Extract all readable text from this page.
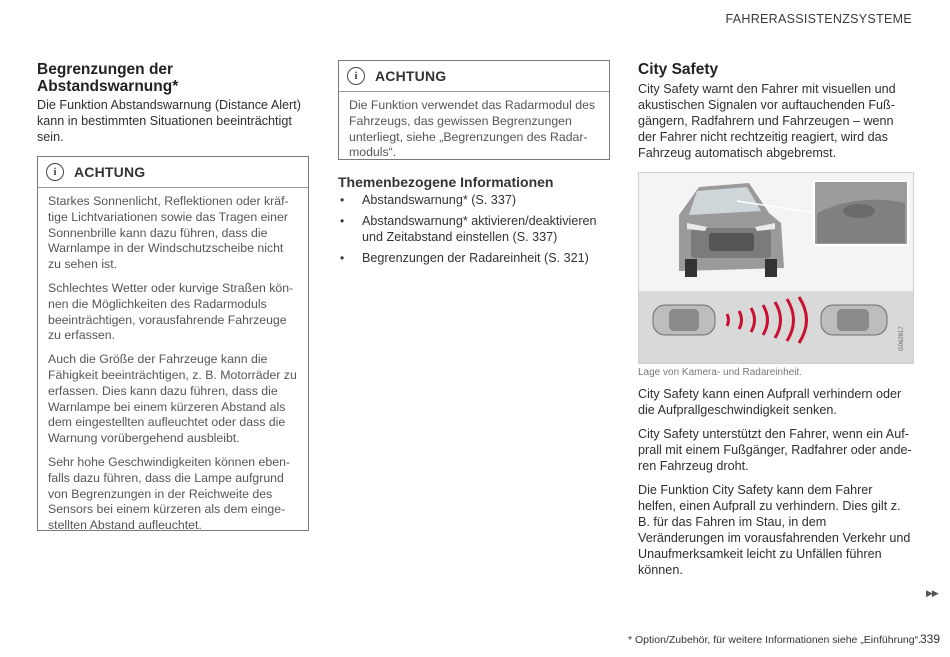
FAHRERASSISTENZSYSTEME
Begrenzungen der Abstandswarnung*
Die Funktion Abstandswarnung (Distance Alert) kann in bestimmten Situationen beeinträchtigt sein.
i	ACHTUNG

Starkes Sonnenlicht, Reflektionen oder kräf-tige Lichtvariationen sowie das Tragen einer Sonnenbrille kann dazu führen, dass die Warnlampe in der Windschutzscheibe nicht zu sehen ist.

Schlechtes Wetter oder kurvige Straßen kön-nen die Möglichkeiten des Radarmoduls beeinträchtigen, vorausfahrende Fahrzeuge zu erfassen.

Auch die Größe der Fahrzeuge kann die Fähigkeit beeinträchtigen, z. B. Motorräder zu erfassen. Dies kann dazu führen, dass die Warnlampe bei einem kürzeren Abstand als dem eingestellten aufleuchtet oder dass die Warnung vorübergehend ausbleibt.

Sehr hohe Geschwindigkeiten können eben-falls dazu führen, dass die Lampe aufgrund von Begrenzungen in der Reichweite des Sensors bei einem kürzeren als dem einge-stellten Abstand aufleuchtet.

i	ACHTUNG

Die Funktion verwendet das Radarmodul des Fahrzeugs, das gewissen Begrenzungen unterliegt, siehe „Begrenzungen des Radar-moduls“.

Themenbezogene Informationen
• Abstandswarnung* (S. 337)
• Abstandswarnung* aktivieren/deaktivieren und Zeitabstand einstellen (S. 337)
• Begrenzungen der Radareinheit (S. 321)
City Safety
City Safety warnt den Fahrer mit visuellen und akustischen Signalen vor auftauchenden Fuß-gängern, Radfahrern und Fahrzeugen – wenn der Fahrer nicht rechtzeitig reagiert, wird das Fahrzeug automatisch abgebremst.
G062817
Lage von Kamera- und Radareinheit.

City Safety kann einen Aufprall verhindern oder die Aufprallgeschwindigkeit senken.

City Safety unterstützt den Fahrer, wenn ein Auf-prall mit einem Fußgänger, Radfahrer oder ande-ren Fahrzeug droht.

Die Funktion City Safety kann dem Fahrer helfen, einen Aufprall zu verhindern. Dies gilt z. B. für das Fahren im Stau, in dem Veränderungen im vorausfahrenden Verkehr und Unaufmerksamkeit leicht zu Unfällen führen können.

▶▶
* Option/Zubehör, für weitere Informationen siehe „Einführung“. 339
